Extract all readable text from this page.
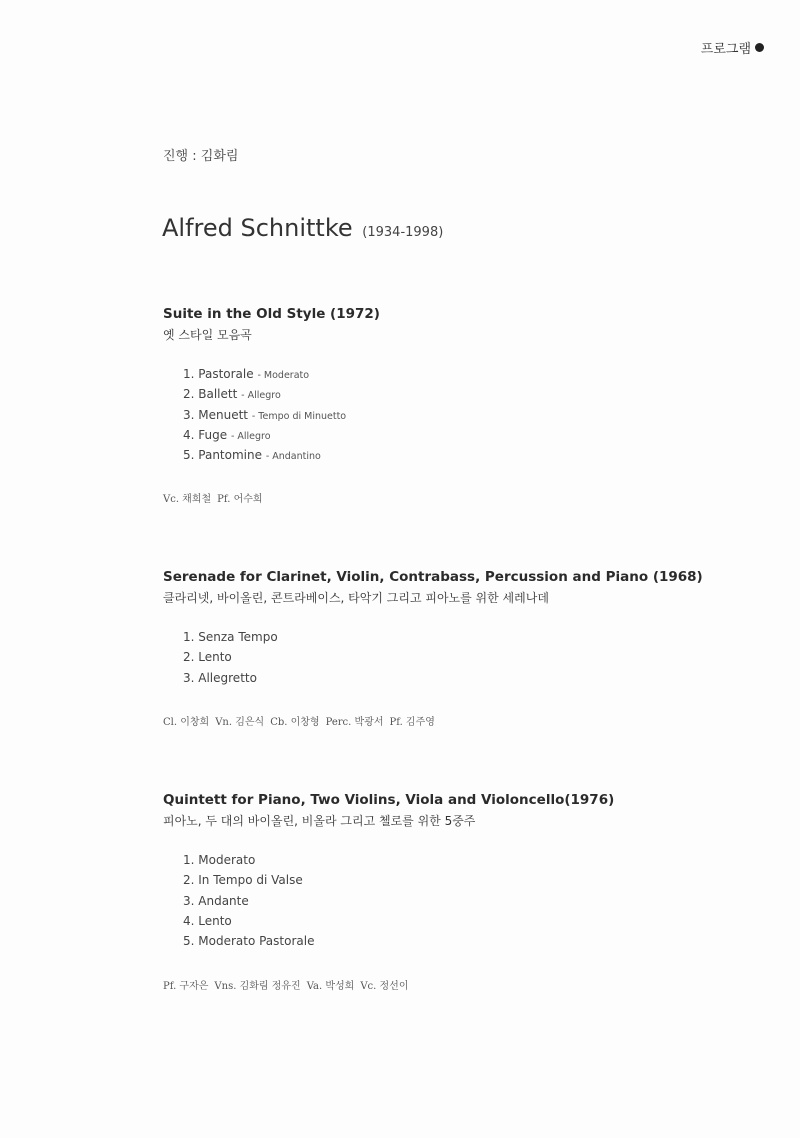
프로그램
진행 : 김화림
Alfred Schnittke (1934-1998)
Suite in the Old Style (1972)
옛 스타일 모음곡
1. Pastorale - Moderato
2. Ballett - Allegro
3. Menuett - Tempo di Minuetto
4. Fuge - Allegro
5. Pantomine - Andantino
Vc. 채희철 Pf. 어수희
Serenade for Clarinet, Violin, Contrabass, Percussion and Piano (1968)
클라리넷, 바이올린, 콘트라베이스, 타악기 그리고 피아노를 위한 세레나데
1. Senza Tempo
2. Lento
3. Allegretto
Cl. 이창희 Vn. 김은식 Cb. 이창형 Perc. 박광서 Pf. 김주영
Quintett for Piano, Two Violins, Viola and Violoncello(1976)
피아노, 두 대의 바이올린, 비올라 그리고 첼로를 위한 5중주
1. Moderato
2. In Tempo di Valse
3. Andante
4. Lento
5. Moderato Pastorale
Pf. 구자은 Vns. 김화림 정유진 Va. 박성희 Vc. 정선이
